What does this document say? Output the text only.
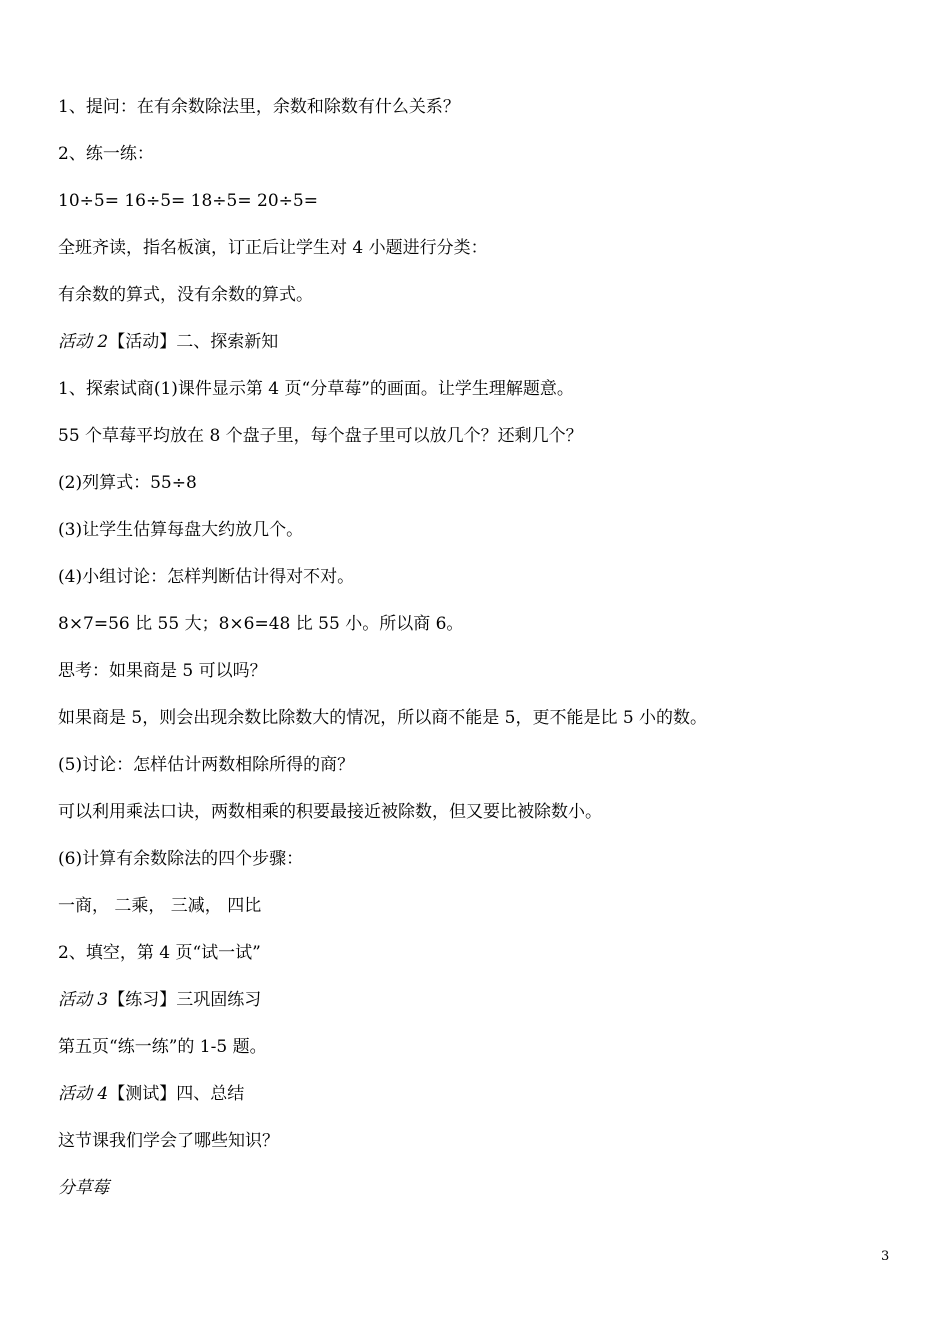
1、提问：在有余数除法里，余数和除数有什么关系？
2、练一练：
10÷5= 16÷5= 18÷5= 20÷5=
全班齐读，指名板演，订正后让学生对 4 小题进行分类：
有余数的算式，没有余数的算式。
活动 2【活动】二、探索新知
1、探索试商(1)课件显示第 4 页“分草莓”的画面。让学生理解题意。
55 个草莓平均放在 8 个盘子里，每个盘子里可以放几个？还剩几个？
(2)列算式：55÷8
(3)让学生估算每盘大约放几个。
(4)小组讨论：怎样判断估计得对不对。
8×7=56 比 55 大；8×6=48 比 55 小。所以商 6。
思考：如果商是 5 可以吗？
如果商是 5，则会出现余数比除数大的情况，所以商不能是 5，更不能是比 5 小的数。
(5)讨论：怎样估计两数相除所得的商？
可以利用乘法口诀，两数相乘的积要最接近被除数，但又要比被除数小。
(6)计算有余数除法的四个步骤：
一商， 二乘， 三减， 四比
2、填空，第 4 页“试一试”
活动 3【练习】三巩固练习
第五页“练一练”的 1-5 题。
活动 4【测试】四、总结
这节课我们学会了哪些知识？
分草莓
3
